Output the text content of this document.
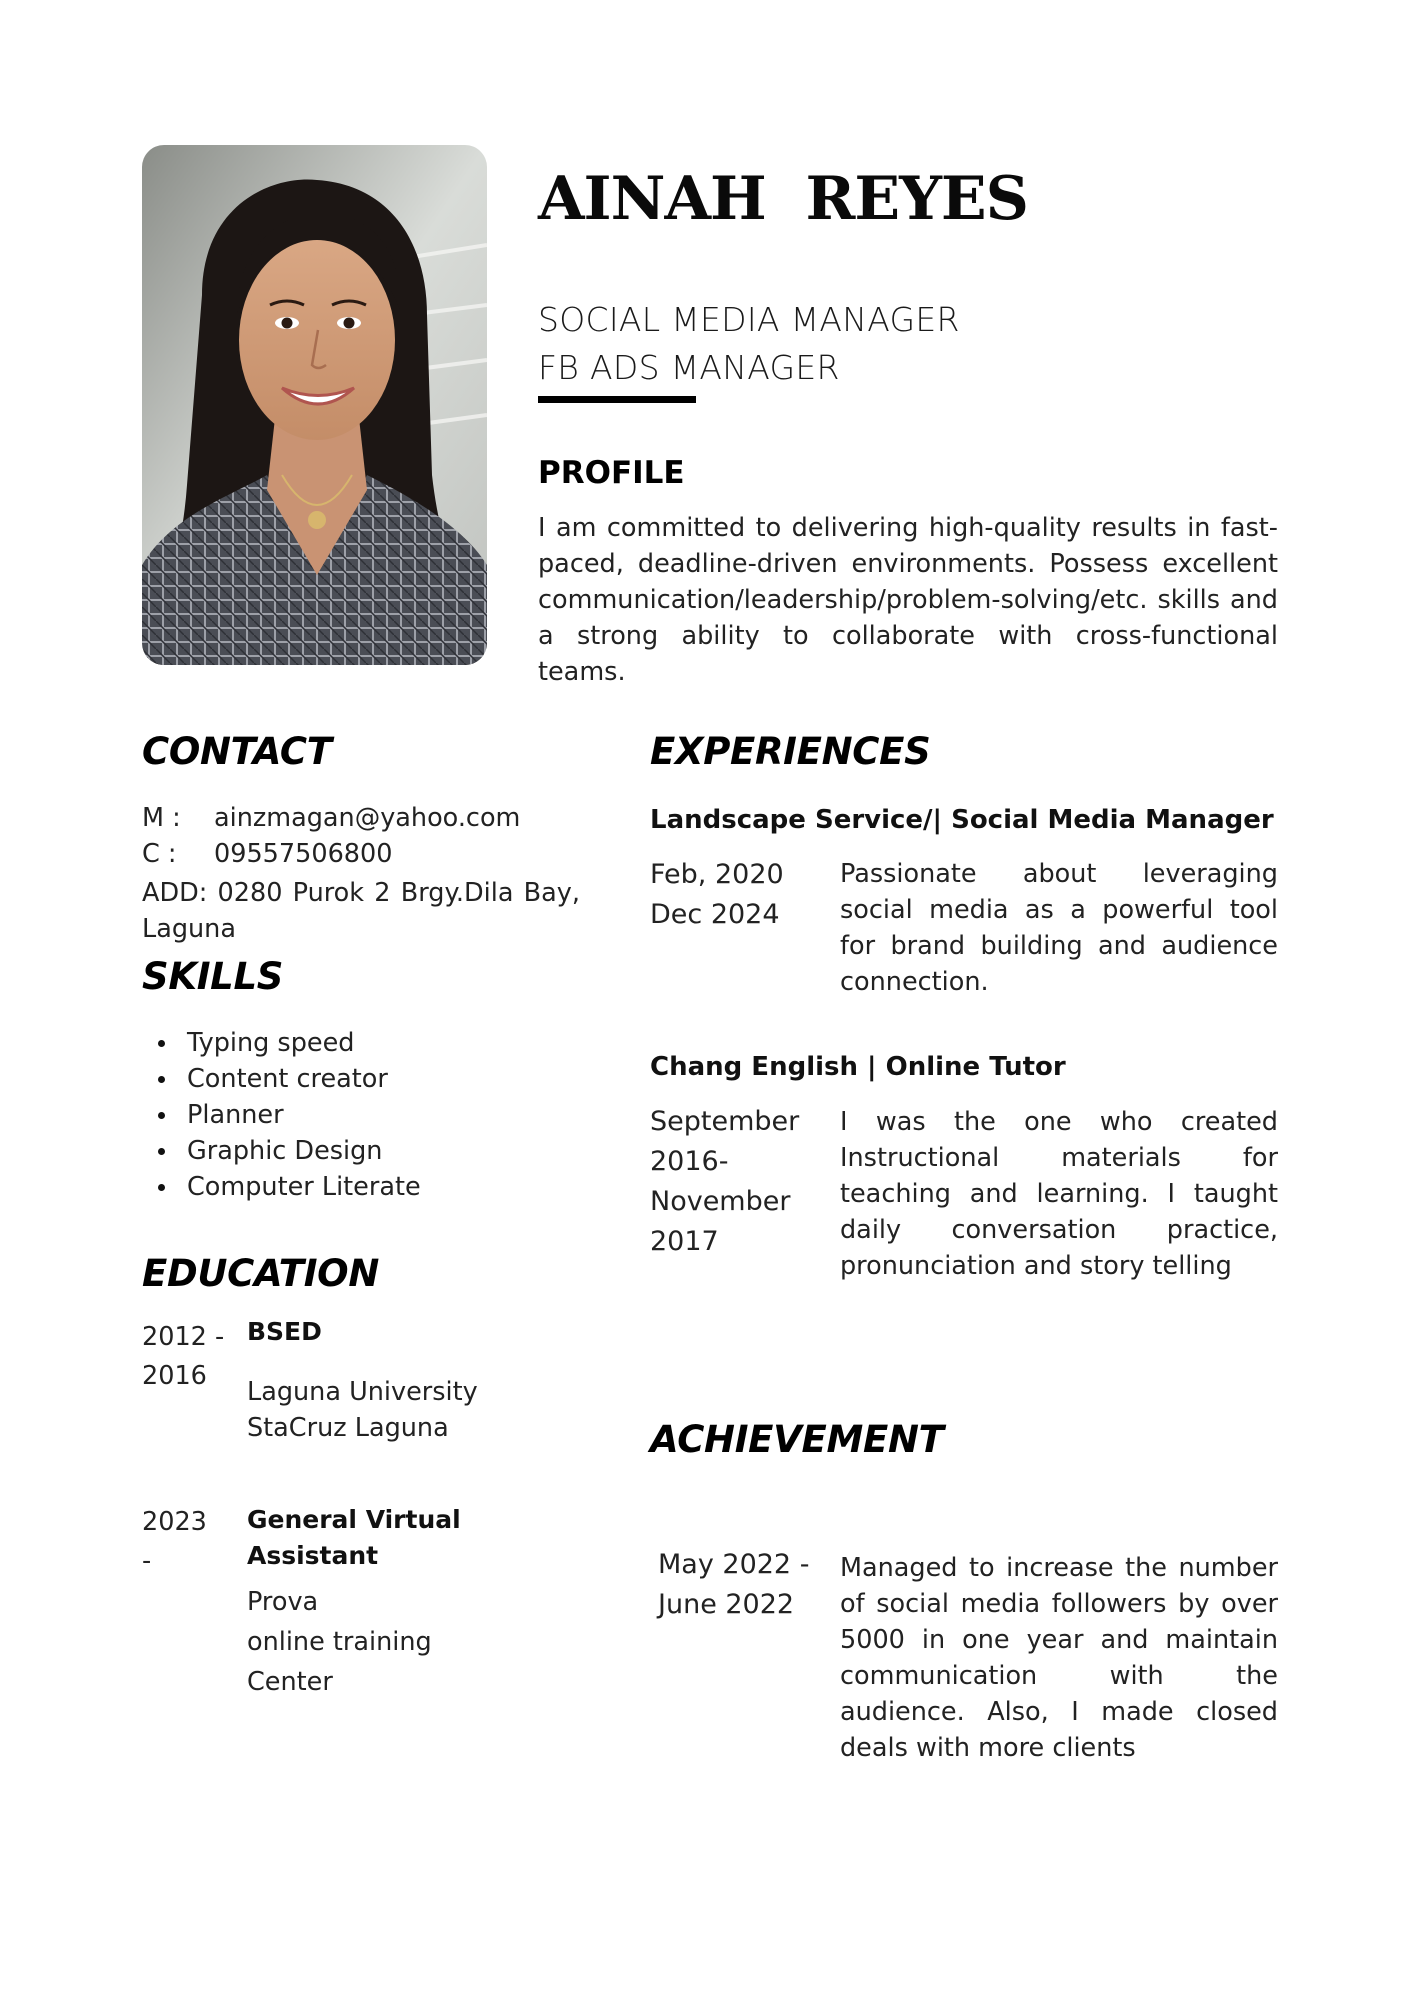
AINAH  REYES
SOCIAL MEDIA MANAGER
FB ADS MANAGER
PROFILE
I am committed to delivering high-quality results in fast-paced, deadline-driven environments. Possess excellent communication/leadership/problem-solving/etc. skills and a strong ability to collaborate with cross-functional teams.
CONTACT
M : ainzmagan@yahoo.com
C : 09557506800
ADD: 0280 Purok 2 Brgy.Dila Bay, Laguna
SKILLS
Typing speed
Content creator
Planner
Graphic Design
Computer Literate
EDUCATION
2012 -
2016
BSED
Laguna University
StaCruz Laguna
2023
-
General Virtual
Assistant
Prova
online training
Center
EXPERIENCES
Landscape Service/| Social Media Manager
Feb, 2020
Dec 2024
Passionate about leveraging social media as a powerful tool for brand building and audience connection.
Chang English | Online Tutor
September
2016-
November
2017
I was the one who created Instructional materials for teaching and learning. I taught daily conversation practice, pronunciation and story telling
ACHIEVEMENT
May 2022 -
June 2022
Managed to increase the number of social media followers by over 5000 in one year and maintain communication with the audience. Also, I made closed deals with more clients
